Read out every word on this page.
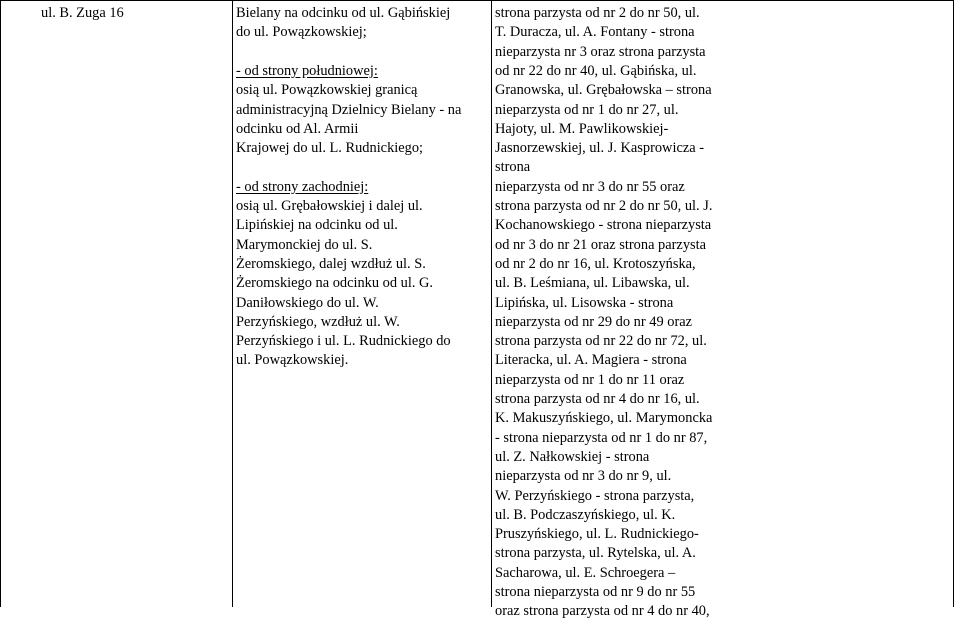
ul. B. Zuga 16	Bielany na odcinku od ul. Gąbińskiej
do ul. Powązkowskiej;
- od strony południowej:
osią ul. Powązkowskiej granicą
administracyjną Dzielnicy Bielany - na
odcinku od Al. Armii
Krajowej do ul. L. Rudnickiego;
- od strony zachodniej:
osią ul. Grębałowskiej i dalej ul.
Lipińskiej na odcinku od ul.
Marymonckiej do ul. S.
Żeromskiego, dalej wzdłuż ul. S.
Żeromskiego na odcinku od ul. G.
Daniłowskiego do ul. W.
Perzyńskiego, wzdłuż ul. W.
Perzyńskiego i ul. L. Rudnickiego do
ul. Powązkowskiej.
strona parzysta od nr 2 do nr 50, ul.
T. Duracza, ul. A. Fontany - strona
nieparzysta nr 3 oraz strona parzysta
od nr 22 do nr 40, ul. Gąbińska, ul.
Granowska, ul. Grębałowska – strona
nieparzysta od nr 1 do nr 27, ul.
Hajoty, ul. M. Pawlikowskiej-
Jasnorzewskiej, ul. J. Kasprowicza -
strona
nieparzysta od nr 3 do nr 55 oraz
strona parzysta od nr 2 do nr 50, ul. J.
Kochanowskiego - strona nieparzysta
od nr 3 do nr 21 oraz strona parzysta
od nr 2 do nr 16, ul. Krotoszyńska,
ul. B. Leśmiana, ul. Libawska, ul.
Lipińska, ul. Lisowska - strona
nieparzysta od nr 29 do nr 49 oraz
strona parzysta od nr 22 do nr 72, ul.
Literacka, ul. A. Magiera - strona
nieparzysta od nr 1 do nr 11 oraz
strona parzysta od nr 4 do nr 16, ul.
K. Makuszyńskiego, ul. Marymoncka
- strona nieparzysta od nr 1 do nr 87,
ul. Z. Nałkowskiej - strona
nieparzysta od nr 3 do nr 9, ul.
W. Perzyńskiego - strona parzysta,
ul. B. Podczaszyńskiego, ul. K.
Pruszyńskiego, ul. L. Rudnickiego-
strona parzysta, ul. Rytelska, ul. A.
Sacharowa, ul. E. Schroegera –
strona nieparzysta od nr 9 do nr 55
oraz strona parzysta od nr 4 do nr 40,
